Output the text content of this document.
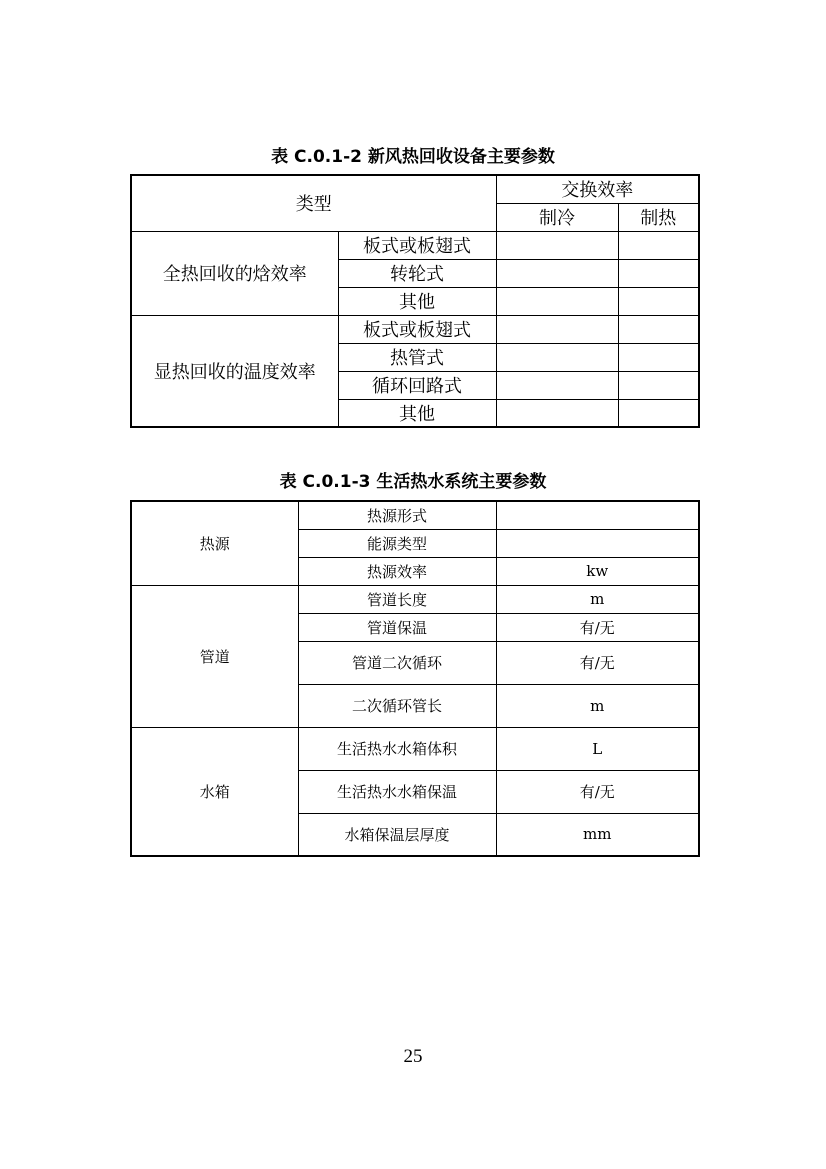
表 C.0.1-2 新风热回收设备主要参数
类型		交换效率	
		制冷	制热
全热回收的焓效率	板式或板翅式		
	转轮式		
	其他		
显热回收的温度效率	板式或板翅式		
	热管式		
	循环回路式		
	其他		
表 C.0.1-3 生活热水系统主要参数
热源	热源形式	
	能源类型	
	热源效率	kw
管道	管道长度	m
	管道保温	有/无
	管道二次循环	有/无
	二次循环管长	m
水箱	生活热水水箱体积	L
	生活热水水箱保温	有/无
	水箱保温层厚度	mm
25
